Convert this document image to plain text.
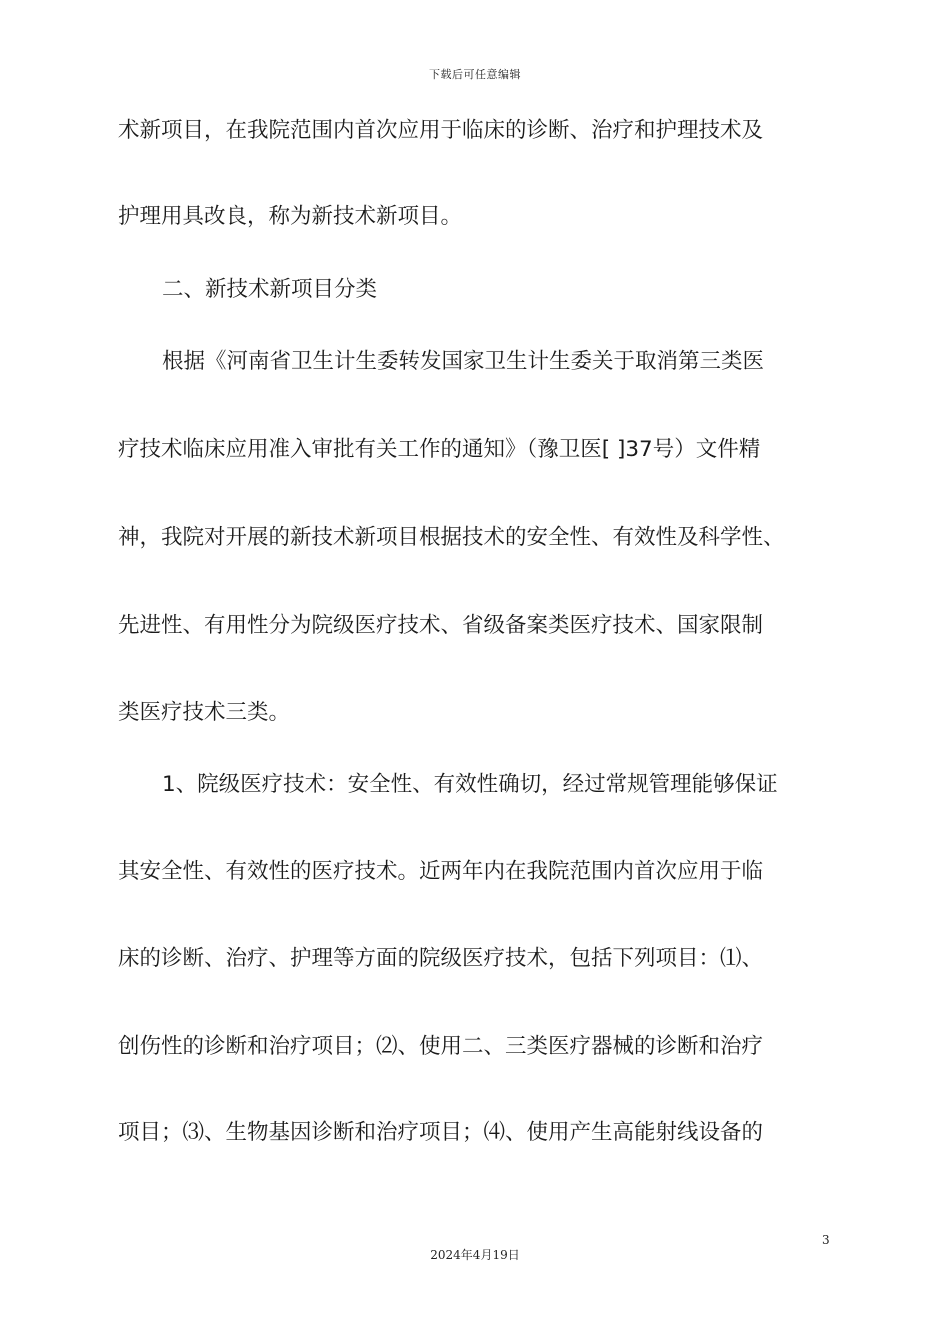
下载后可任意编辑
术新项目，在我院范围内首次应用于临床的诊断、治疗和护理技术及
护理用具改良，称为新技术新项目。
二、新技术新项目分类
根据《河南省卫生计生委转发国家卫生计生委关于取消第三类医
疗技术临床应用准入审批有关工作的通知》（豫卫医[ ]37号）文件精
神，我院对开展的新技术新项目根据技术的安全性、有效性及科学性、
先进性、有用性分为院级医疗技术、省级备案类医疗技术、国家限制
类医疗技术三类。
1、院级医疗技术：安全性、有效性确切，经过常规管理能够保证
其安全性、有效性的医疗技术。近两年内在我院范围内首次应用于临
床的诊断、治疗、护理等方面的院级医疗技术，包括下列项目：⑴、
创伤性的诊断和治疗项目；⑵、使用二、三类医疗器械的诊断和治疗
项目；⑶、生物基因诊断和治疗项目；⑷、使用产生高能射线设备的
3
2024年4月19日
